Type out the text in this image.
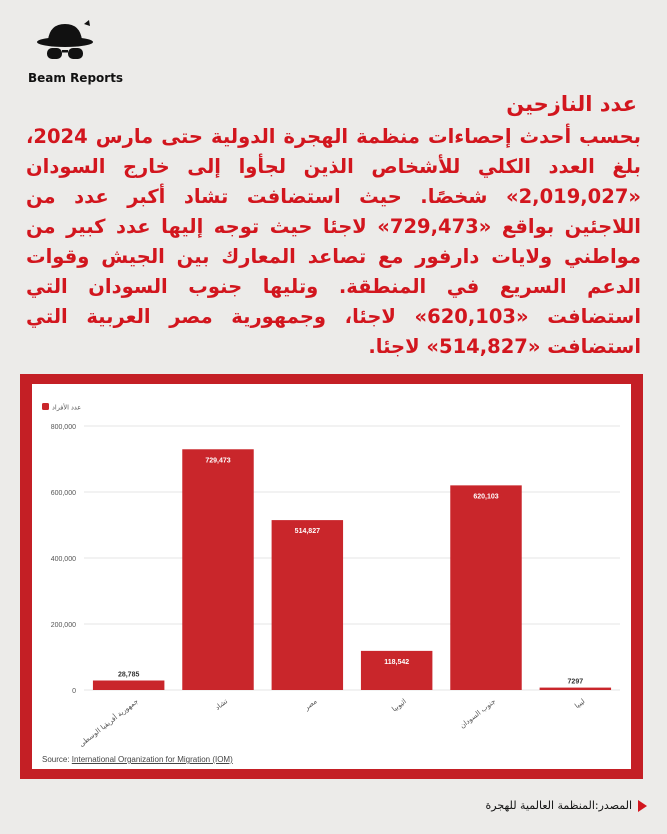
Beam Reports
عدد النازحين
بحسب أحدث إحصاءات منظمة الهجرة الدولية حتى مارس 2024، بلغ العدد الكلي للأشخاص الذين لجأوا إلى خارج السودان «2,019,027» شخصًا. حيث استضافت تشاد أكبر عدد من اللاجئين بواقع «729,473» لاجئا حيث توجه إليها عدد كبير من مواطني ولايات دارفور مع تصاعد المعارك بين الجيش وقوات الدعم السريع في المنطقة. وتليها جنوب السودان التي استضافت «620,103» لاجئا، وجمهورية مصر العربية التي استضافت «514,827» لاجئا.
عدد الأفراد
0
200,000
400,000
600,000
800,000
28,785
جمهورية أفريقيا الوسطى
729,473
تشاد
514,827
مصر
118,542
اثيوبيا
620,103
جنوب السودان
7297
ليبيا
Source: International Organization for Migration (IOM)
المصدر:المنظمة العالمية للهجرة
